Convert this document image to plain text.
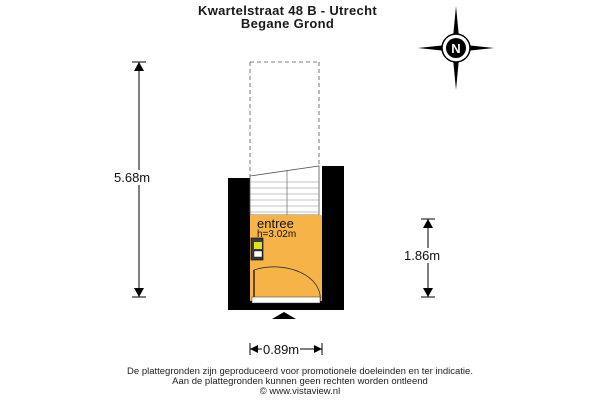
Kwartelstraat 48 B - Utrecht
Begane Grond
N
5.68m
1.86m
0.89m
entree
h=3.02m
De plattegronden zijn geproduceerd voor promotionele doeleinden en ter indicatie.
Aan de plattegronden kunnen geen rechten worden ontleend
© www.vistaview.nl
